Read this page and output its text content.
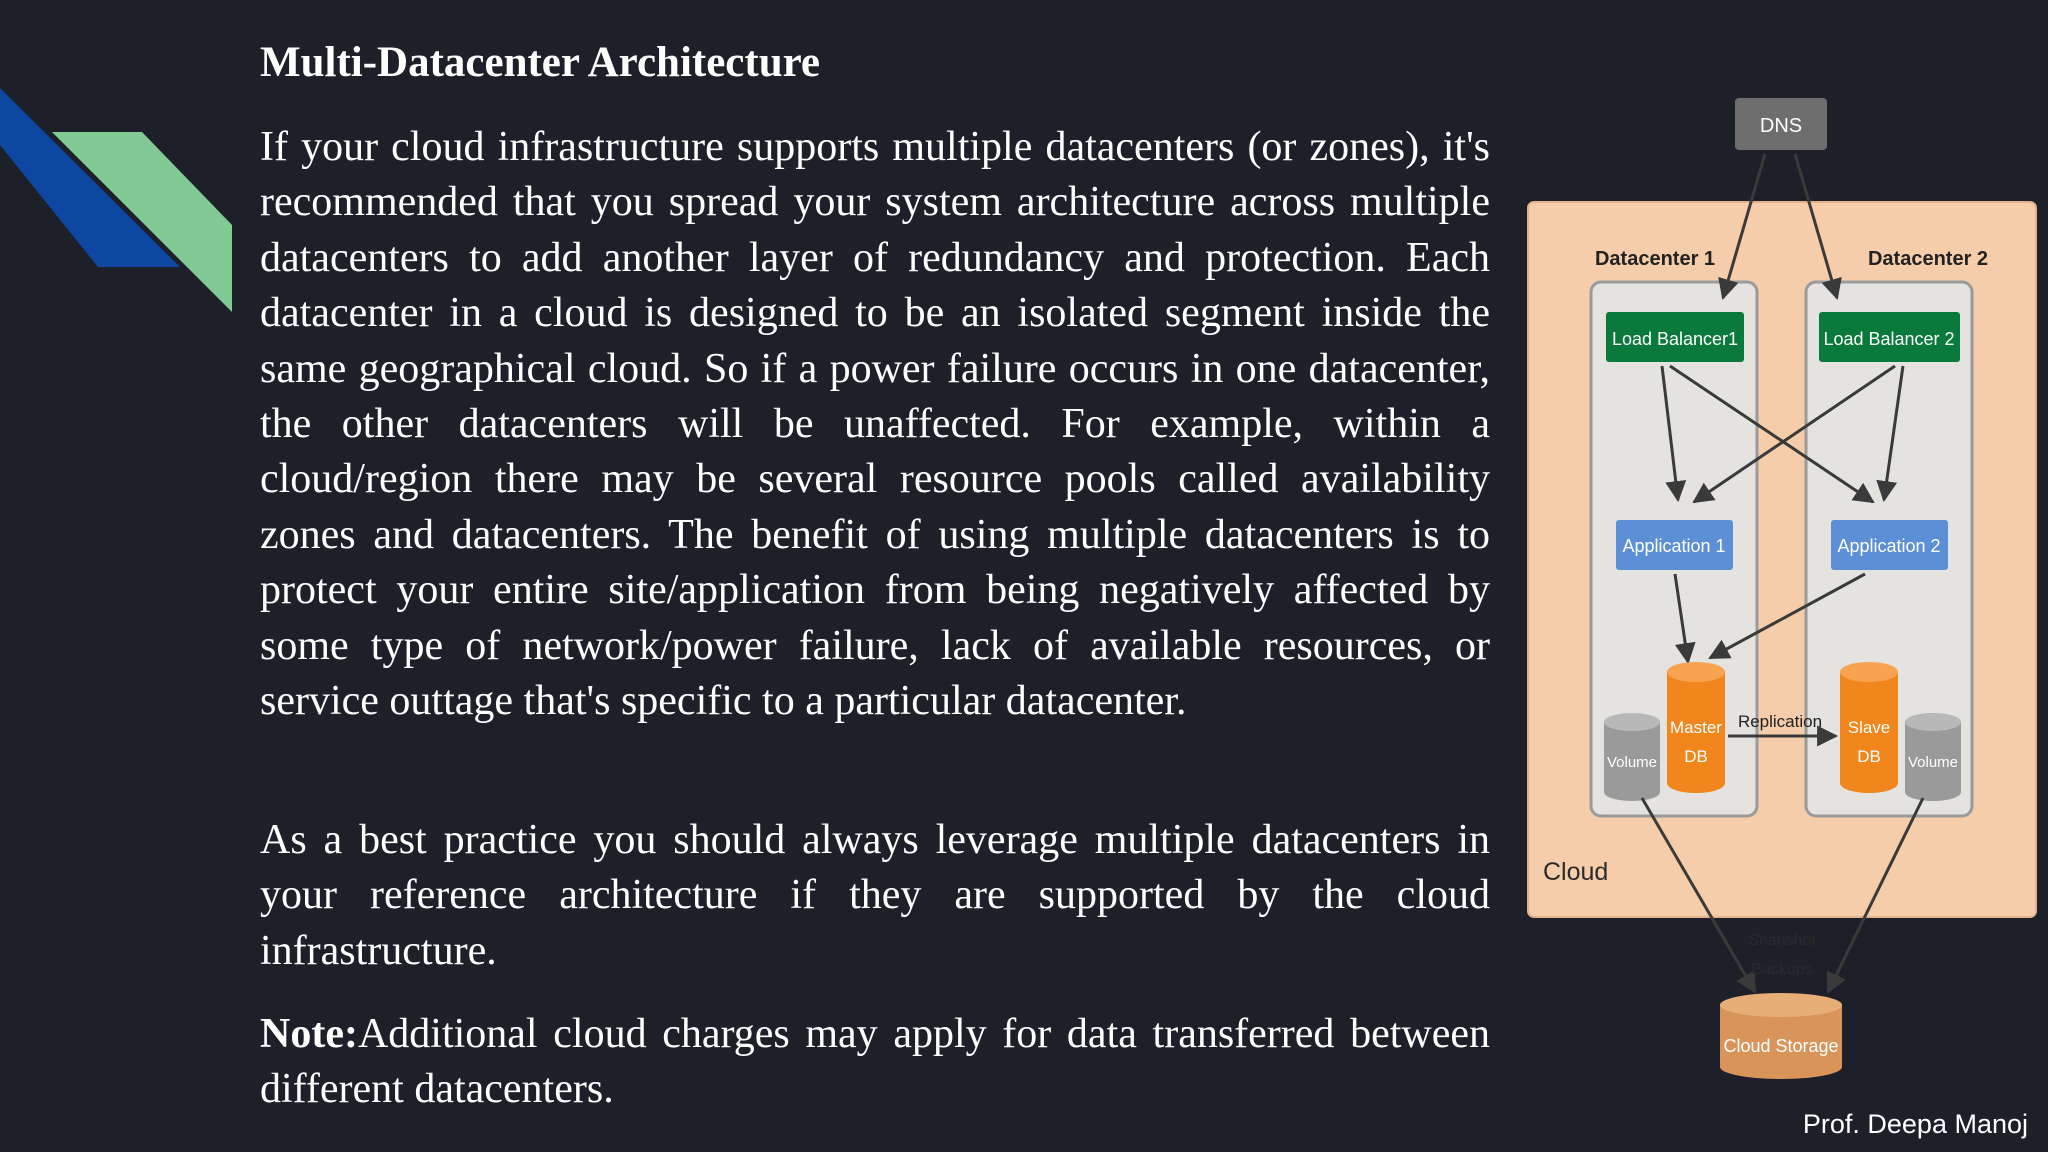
Multi-Datacenter Architecture

If your cloud infrastructure supports multiple datacenters (or zones), it's recommended that you spread your system architecture across multiple datacenters to add another layer of redundancy and protection. Each datacenter in a cloud is designed to be an isolated segment inside the same geographical cloud. So if a power failure occurs in one datacenter, the other datacenters will be unaffected. For example, within a cloud/region there may be several resource pools called availability zones and datacenters. The benefit of using multiple datacenters is to protect your entire site/application from being negatively affected by some type of network/power failure, lack of available resources, or service outtage that's specific to a particular datacenter.

As a best practice you should always leverage multiple datacenters in your reference architecture if they are supported by the cloud infrastructure.

Note:Additional cloud charges may apply for data transferred between different datacenters.

Cloud
Datacenter 1	Datacenter 2
DNS
Load Balancer1	Load Balancer 2
Application 1	Application 2
Master
DB
Slave
DB
Replication
Volume	Volume
Snapshot
Backups
Cloud Storage
Prof. Deepa Manoj
